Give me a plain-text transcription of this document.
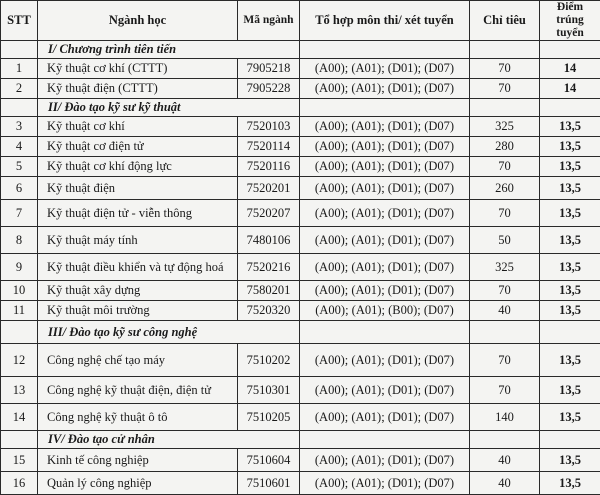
STT	Ngành học	Mã ngành	Tổ hợp môn thi/ xét tuyển	Chỉ tiêu	Điểm trúng tuyển
	I/ Chương trình tiên tiến				
1	Kỹ thuật cơ khí (CTTT)	7905218	(A00); (A01); (D01); (D07)	70	14
2	Kỹ thuật điện (CTTT)	7905228	(A00); (A01); (D01); (D07)	70	14
	II/ Đào tạo kỹ sư kỹ thuật				
3	Kỹ thuật cơ khí	7520103	(A00); (A01); (D01); (D07)	325	13,5
4	Kỹ thuật cơ điện tử	7520114	(A00); (A01); (D01); (D07)	280	13,5
5	Kỹ thuật cơ khí động lực	7520116	(A00); (A01); (D01); (D07)	70	13,5
6	Kỹ thuật điện	7520201	(A00); (A01); (D01); (D07)	260	13,5
7	Kỹ thuật điện tử - viễn thông	7520207	(A00); (A01); (D01); (D07)	70	13,5
8	Kỹ thuật máy tính	7480106	(A00); (A01); (D01); (D07)	50	13,5
9	Kỹ thuật điều khiển và tự động hoá	7520216	(A00); (A01); (D01); (D07)	325	13,5
10	Kỹ thuật xây dựng	7580201	(A00); (A01); (D01); (D07)	70	13,5
11	Kỹ thuật môi trường	7520320	(A00); (A01); (B00); (D07)	40	13,5
	III/ Đào tạo kỹ sư công nghệ				
12	Công nghệ chế tạo máy	7510202	(A00); (A01); (D01); (D07)	70	13,5
13	Công nghệ kỹ thuật điện, điện tử	7510301	(A00); (A01); (D01); (D07)	70	13,5
14	Công nghệ kỹ thuật ô tô	7510205	(A00); (A01); (D01); (D07)	140	13,5
	IV/ Đào tạo cử nhân				
15	Kinh tế công nghiệp	7510604	(A00); (A01); (D01); (D07)	40	13,5
16	Quản lý công nghiệp	7510601	(A00); (A01); (D01); (D07)	40	13,5
